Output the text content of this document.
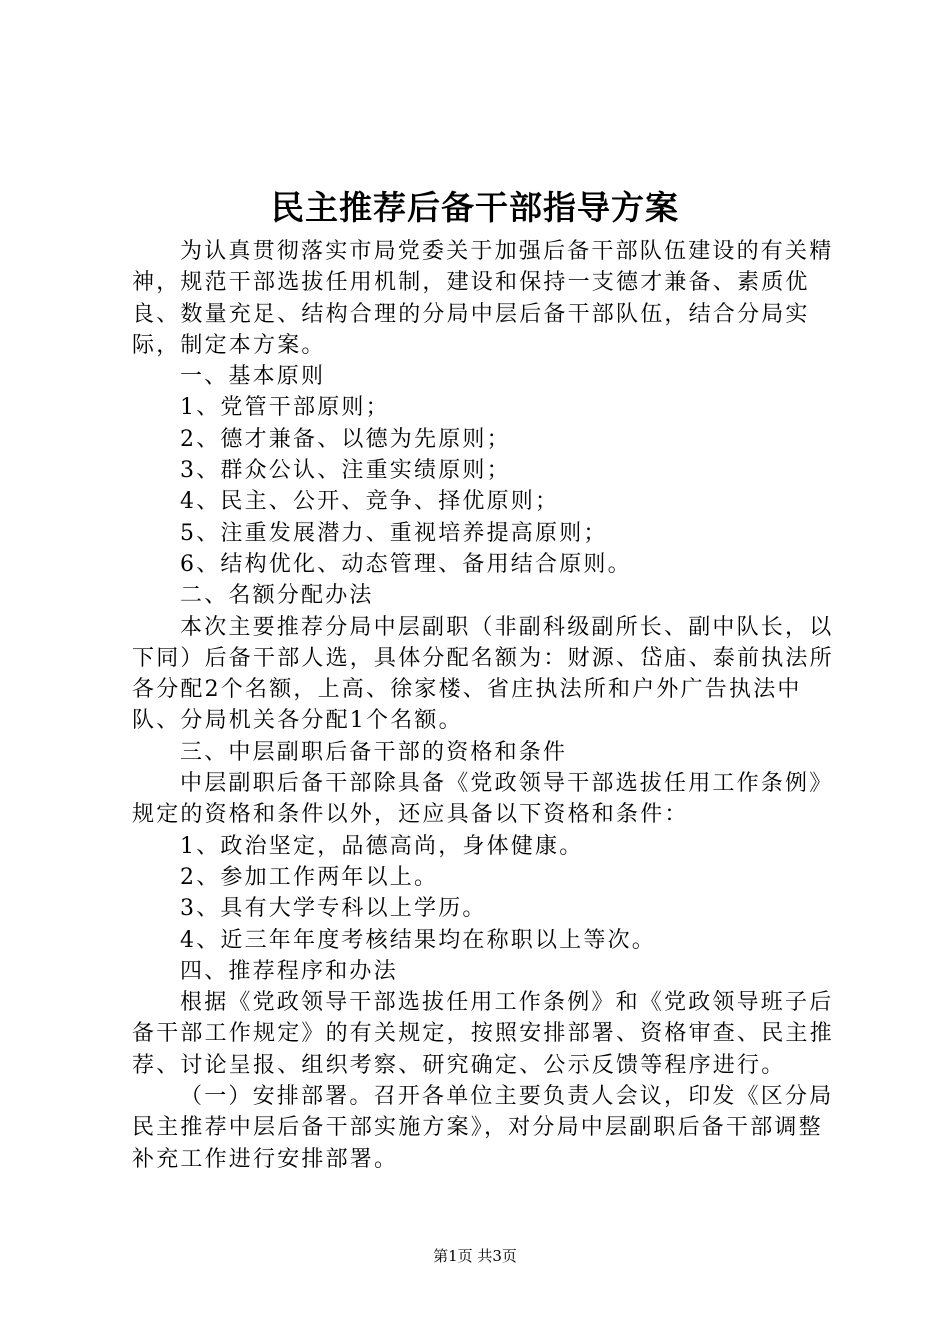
民主推荐后备干部指导方案

为认真贯彻落实市局党委关于加强后备干部队伍建设的有关精神，规范干部选拔任用机制，建设和保持一支德才兼备、素质优良、数量充足、结构合理的分局中层后备干部队伍，结合分局实际，制定本方案。

一、基本原则

1、党管干部原则；

2、德才兼备、以德为先原则；

3、群众公认、注重实绩原则；

4、民主、公开、竞争、择优原则；

5、注重发展潜力、重视培养提高原则；

6、结构优化、动态管理、备用结合原则。

二、名额分配办法

本次主要推荐分局中层副职（非副科级副所长、副中队长，以下同）后备干部人选，具体分配名额为：财源、岱庙、泰前执法所各分配2个名额，上高、徐家楼、省庄执法所和户外广告执法中队、分局机关各分配1个名额。

三、中层副职后备干部的资格和条件

中层副职后备干部除具备《党政领导干部选拔任用工作条例》规定的资格和条件以外，还应具备以下资格和条件：

1、政治坚定，品德高尚，身体健康。

2、参加工作两年以上。

3、具有大学专科以上学历。

4、近三年年度考核结果均在称职以上等次。

四、推荐程序和办法

根据《党政领导干部选拔任用工作条例》和《党政领导班子后备干部工作规定》的有关规定，按照安排部署、资格审查、民主推荐、讨论呈报、组织考察、研究确定、公示反馈等程序进行。

（一）安排部署。召开各单位主要负责人会议，印发《区分局民主推荐中层后备干部实施方案》，对分局中层副职后备干部调整补充工作进行安排部署。

第1页 共3页
